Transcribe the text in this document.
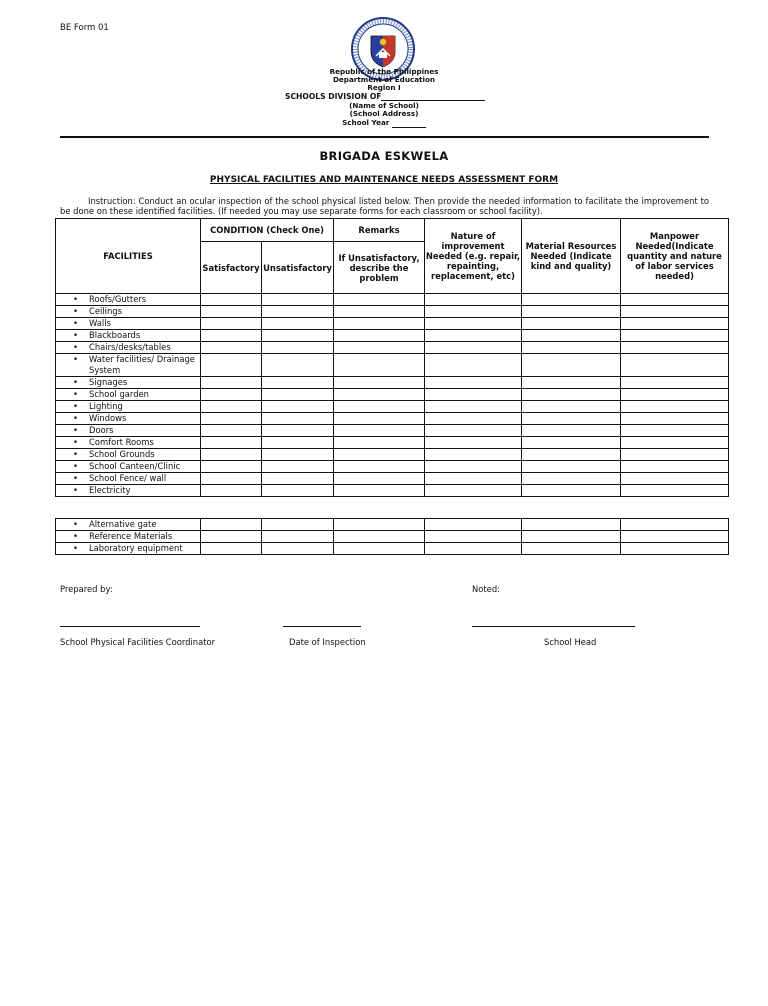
BE Form 01
Republic of the Philippines
Department of Education
Region I
SCHOOLS DIVISION OF
(Name of School)
(School Address)
School Year
BRIGADA ESKWELA
PHYSICAL FACILITIES AND MAINTENANCE NEEDS ASSESSMENT FORM
Instruction: Conduct an ocular inspection of the school physical listed below. Then provide the needed information to facilitate the improvement to be done on these identified facilities. (If needed you may use separate forms for each classroom or school facility).
FACILITIES	CONDITION (Check One)		Remarks	Nature of improvement Needed (e.g. repair, repainting, replacement, etc)	Material Resources Needed (Indicate kind and quality)	Manpower Needed(Indicate quantity and nature of labor services needed)
	Satisfactory	Unsatisfactory	If Unsatisfactory, describe the problem			

• Roofs/Gutters						

• Ceilings						

• Walls						

• Blackboards						

• Chairs/desks/tables						

• Water facilities/ Drainage System						

• Signages						

• School garden						

• Lighting						

• Windows						

• Doors						

• Comfort Rooms						

• School Grounds						

• School Canteen/Clinic						

• School Fence/ wall						

• Electricity						
• Alternative gate						

• Reference Materials						

• Laboratory equipment						
Prepared by:	Noted:
School Physical Facilities Coordinator	Date of Inspection	School Head
